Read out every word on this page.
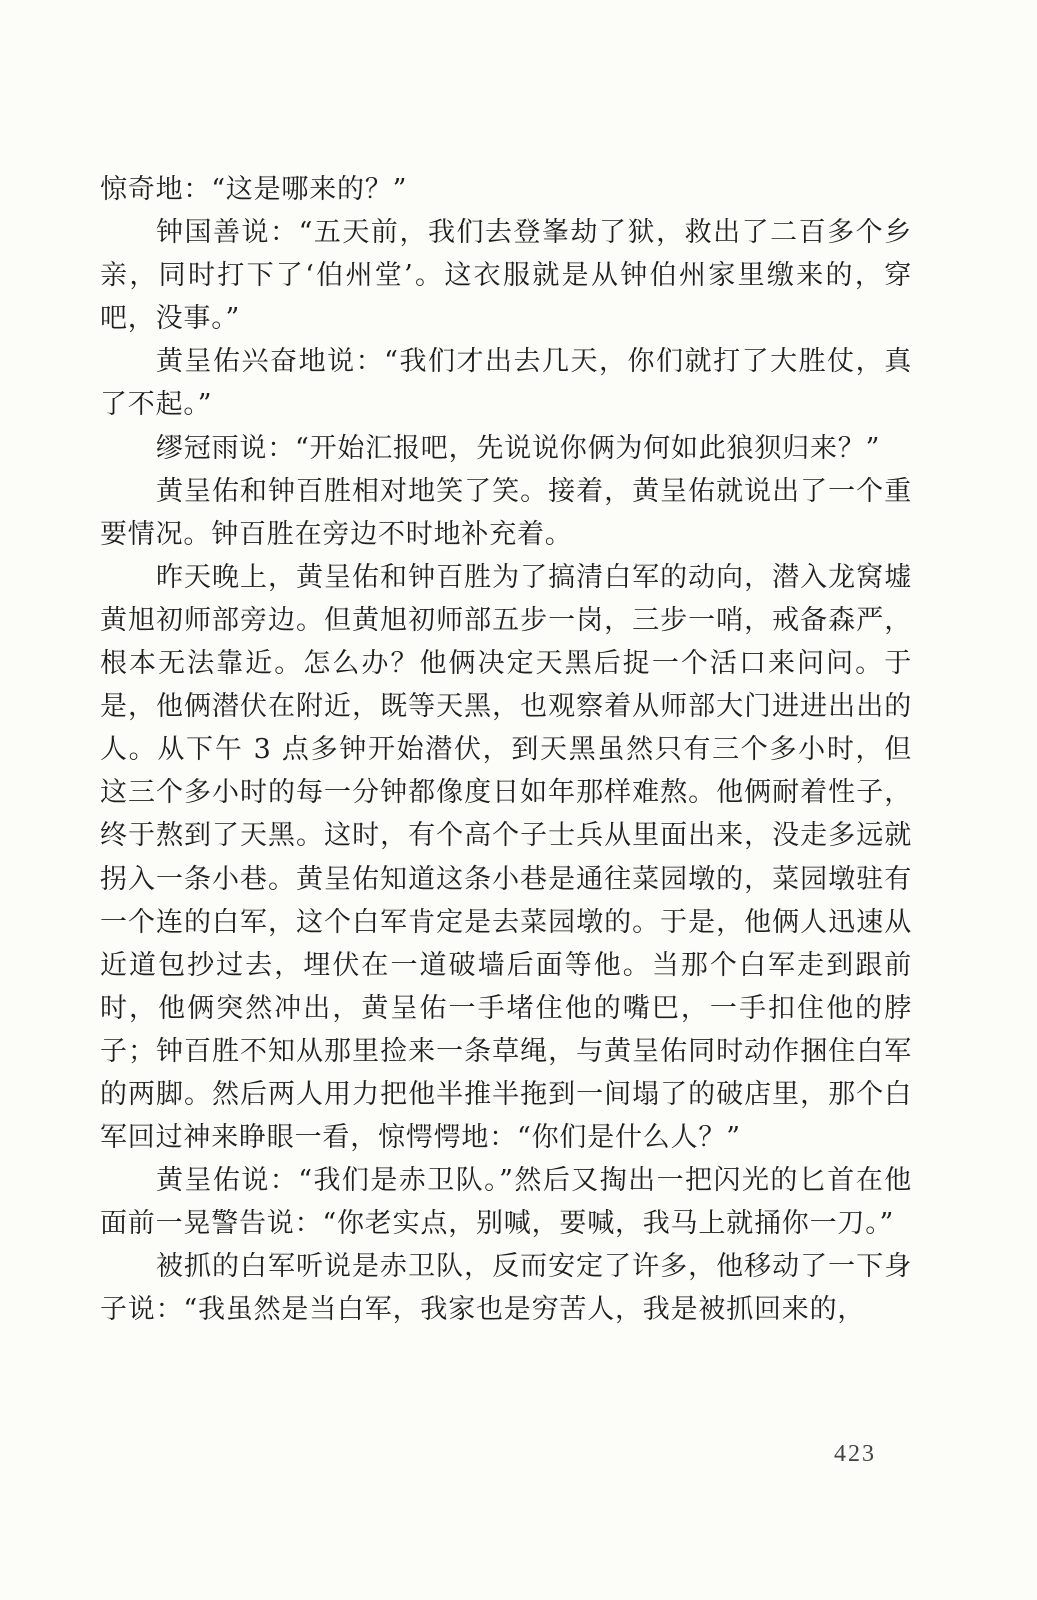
惊奇地：“这是哪来的？”

钟国善说：“五天前，我们去登峯劫了狱，救出了二百多个乡亲，同时打下了‘伯州堂’。这衣服就是从钟伯州家里缴来的，穿吧，没事。”

黄呈佑兴奋地说：“我们才出去几天，你们就打了大胜仗，真了不起。”

缪冠雨说：“开始汇报吧，先说说你俩为何如此狼狈归来？”

黄呈佑和钟百胜相对地笑了笑。接着，黄呈佑就说出了一个重要情况。钟百胜在旁边不时地补充着。

昨天晚上，黄呈佑和钟百胜为了搞清白军的动向，潜入龙窝墟黄旭初师部旁边。但黄旭初师部五步一岗，三步一哨，戒备森严，根本无法靠近。怎么办？他俩决定天黑后捉一个活口来问问。于是，他俩潜伏在附近，既等天黑，也观察着从师部大门进进出出的人。从下午 3 点多钟开始潜伏，到天黑虽然只有三个多小时，但这三个多小时的每一分钟都像度日如年那样难熬。他俩耐着性子，终于熬到了天黑。这时，有个高个子士兵从里面出来，没走多远就拐入一条小巷。黄呈佑知道这条小巷是通往菜园墩的，菜园墩驻有一个连的白军，这个白军肯定是去菜园墩的。于是，他俩人迅速从近道包抄过去，埋伏在一道破墙后面等他。当那个白军走到跟前时，他俩突然冲出，黄呈佑一手堵住他的嘴巴，一手扣住他的脖子；钟百胜不知从那里捡来一条草绳，与黄呈佑同时动作捆住白军的两脚。然后两人用力把他半推半拖到一间塌了的破店里，那个白军回过神来睁眼一看，惊愕愕地：“你们是什么人？”

黄呈佑说：“我们是赤卫队。”然后又掏出一把闪光的匕首在他面前一晃警告说：“你老实点，别喊，要喊，我马上就捅你一刀。”

被抓的白军听说是赤卫队，反而安定了许多，他移动了一下身子说：“我虽然是当白军，我家也是穷苦人，我是被抓回来的，

423
